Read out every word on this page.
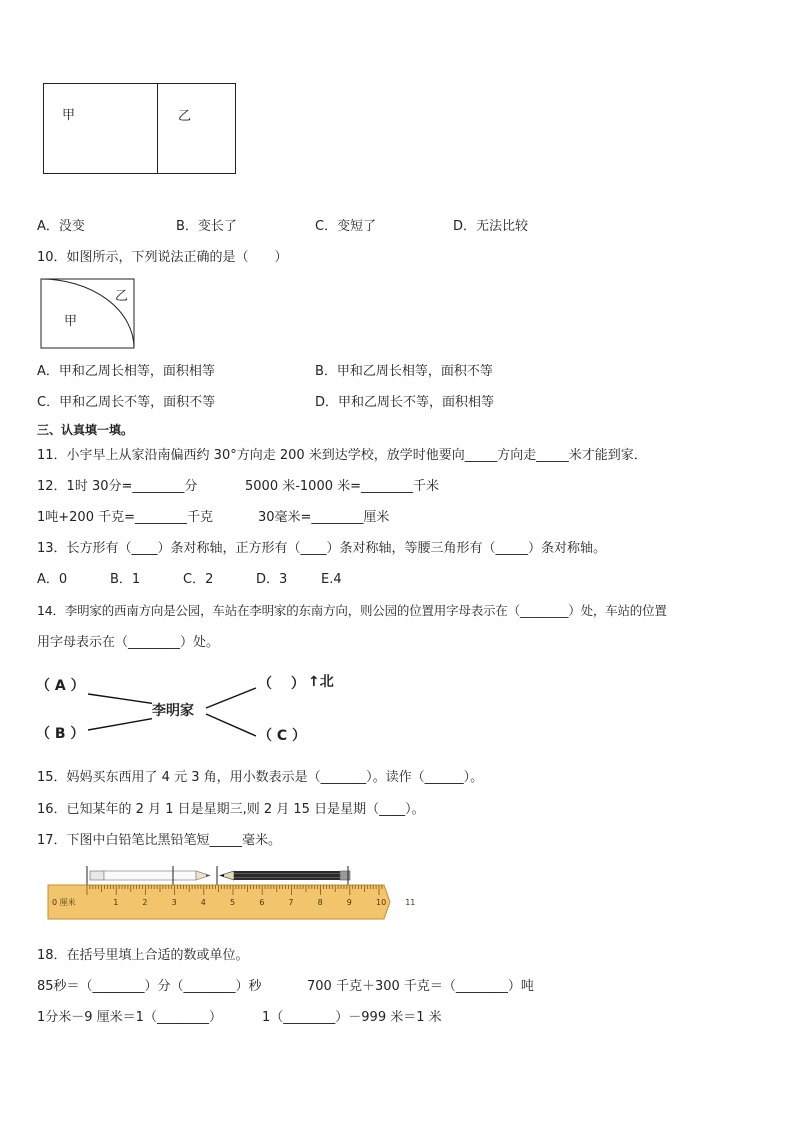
甲	乙
A．没变	B．变长了	C．变短了	D．无法比较
10．如图所示，下列说法正确的是（　　）
甲
乙
A．甲和乙周长相等，面积相等	B．甲和乙周长相等，面积不等
C．甲和乙周长不等，面积不等	D．甲和乙周长不等，面积相等
三、认真填一填。
11．小宇早上从家沿南偏西约 30°方向走 200 米到达学校，放学时他要向_____方向走_____米才能到家．
12．1时 30分=________分	5000 米-1000 米=________千米
1吨+200 千克=________千克	30毫米=________厘米
13．长方形有（____）条对称轴，正方形有（____）条对称轴，等腰三角形有（_____）条对称轴。
A．0	B．1	C．2	D．3	E.4
14．李明家的西南方向是公园，车站在李明家的东南方向，则公园的位置用字母表示在（________）处，车站的位置
用字母表示在（________）处。
（ A ）
（ B ）
李明家
（　 ） ↑北
（ C ）
15．妈妈买东西用了 4 元 3 角，用小数表示是（_______）。读作（______）。
16．已知某年的 2 月 1 日是星期三,则 2 月 15 日是星期（____）。
17．下图中白铅笔比黑铅笔短_____毫米。
0 厘米	1	2	3	4	5	6	7	8	9	10 11
18．在括号里填上合适的数或单位。
85秒＝（________）分（________）秒	700 千克＋300 千克＝（________）吨
1分米－9 厘米＝1（________）	1（________）－999 米＝1 米
